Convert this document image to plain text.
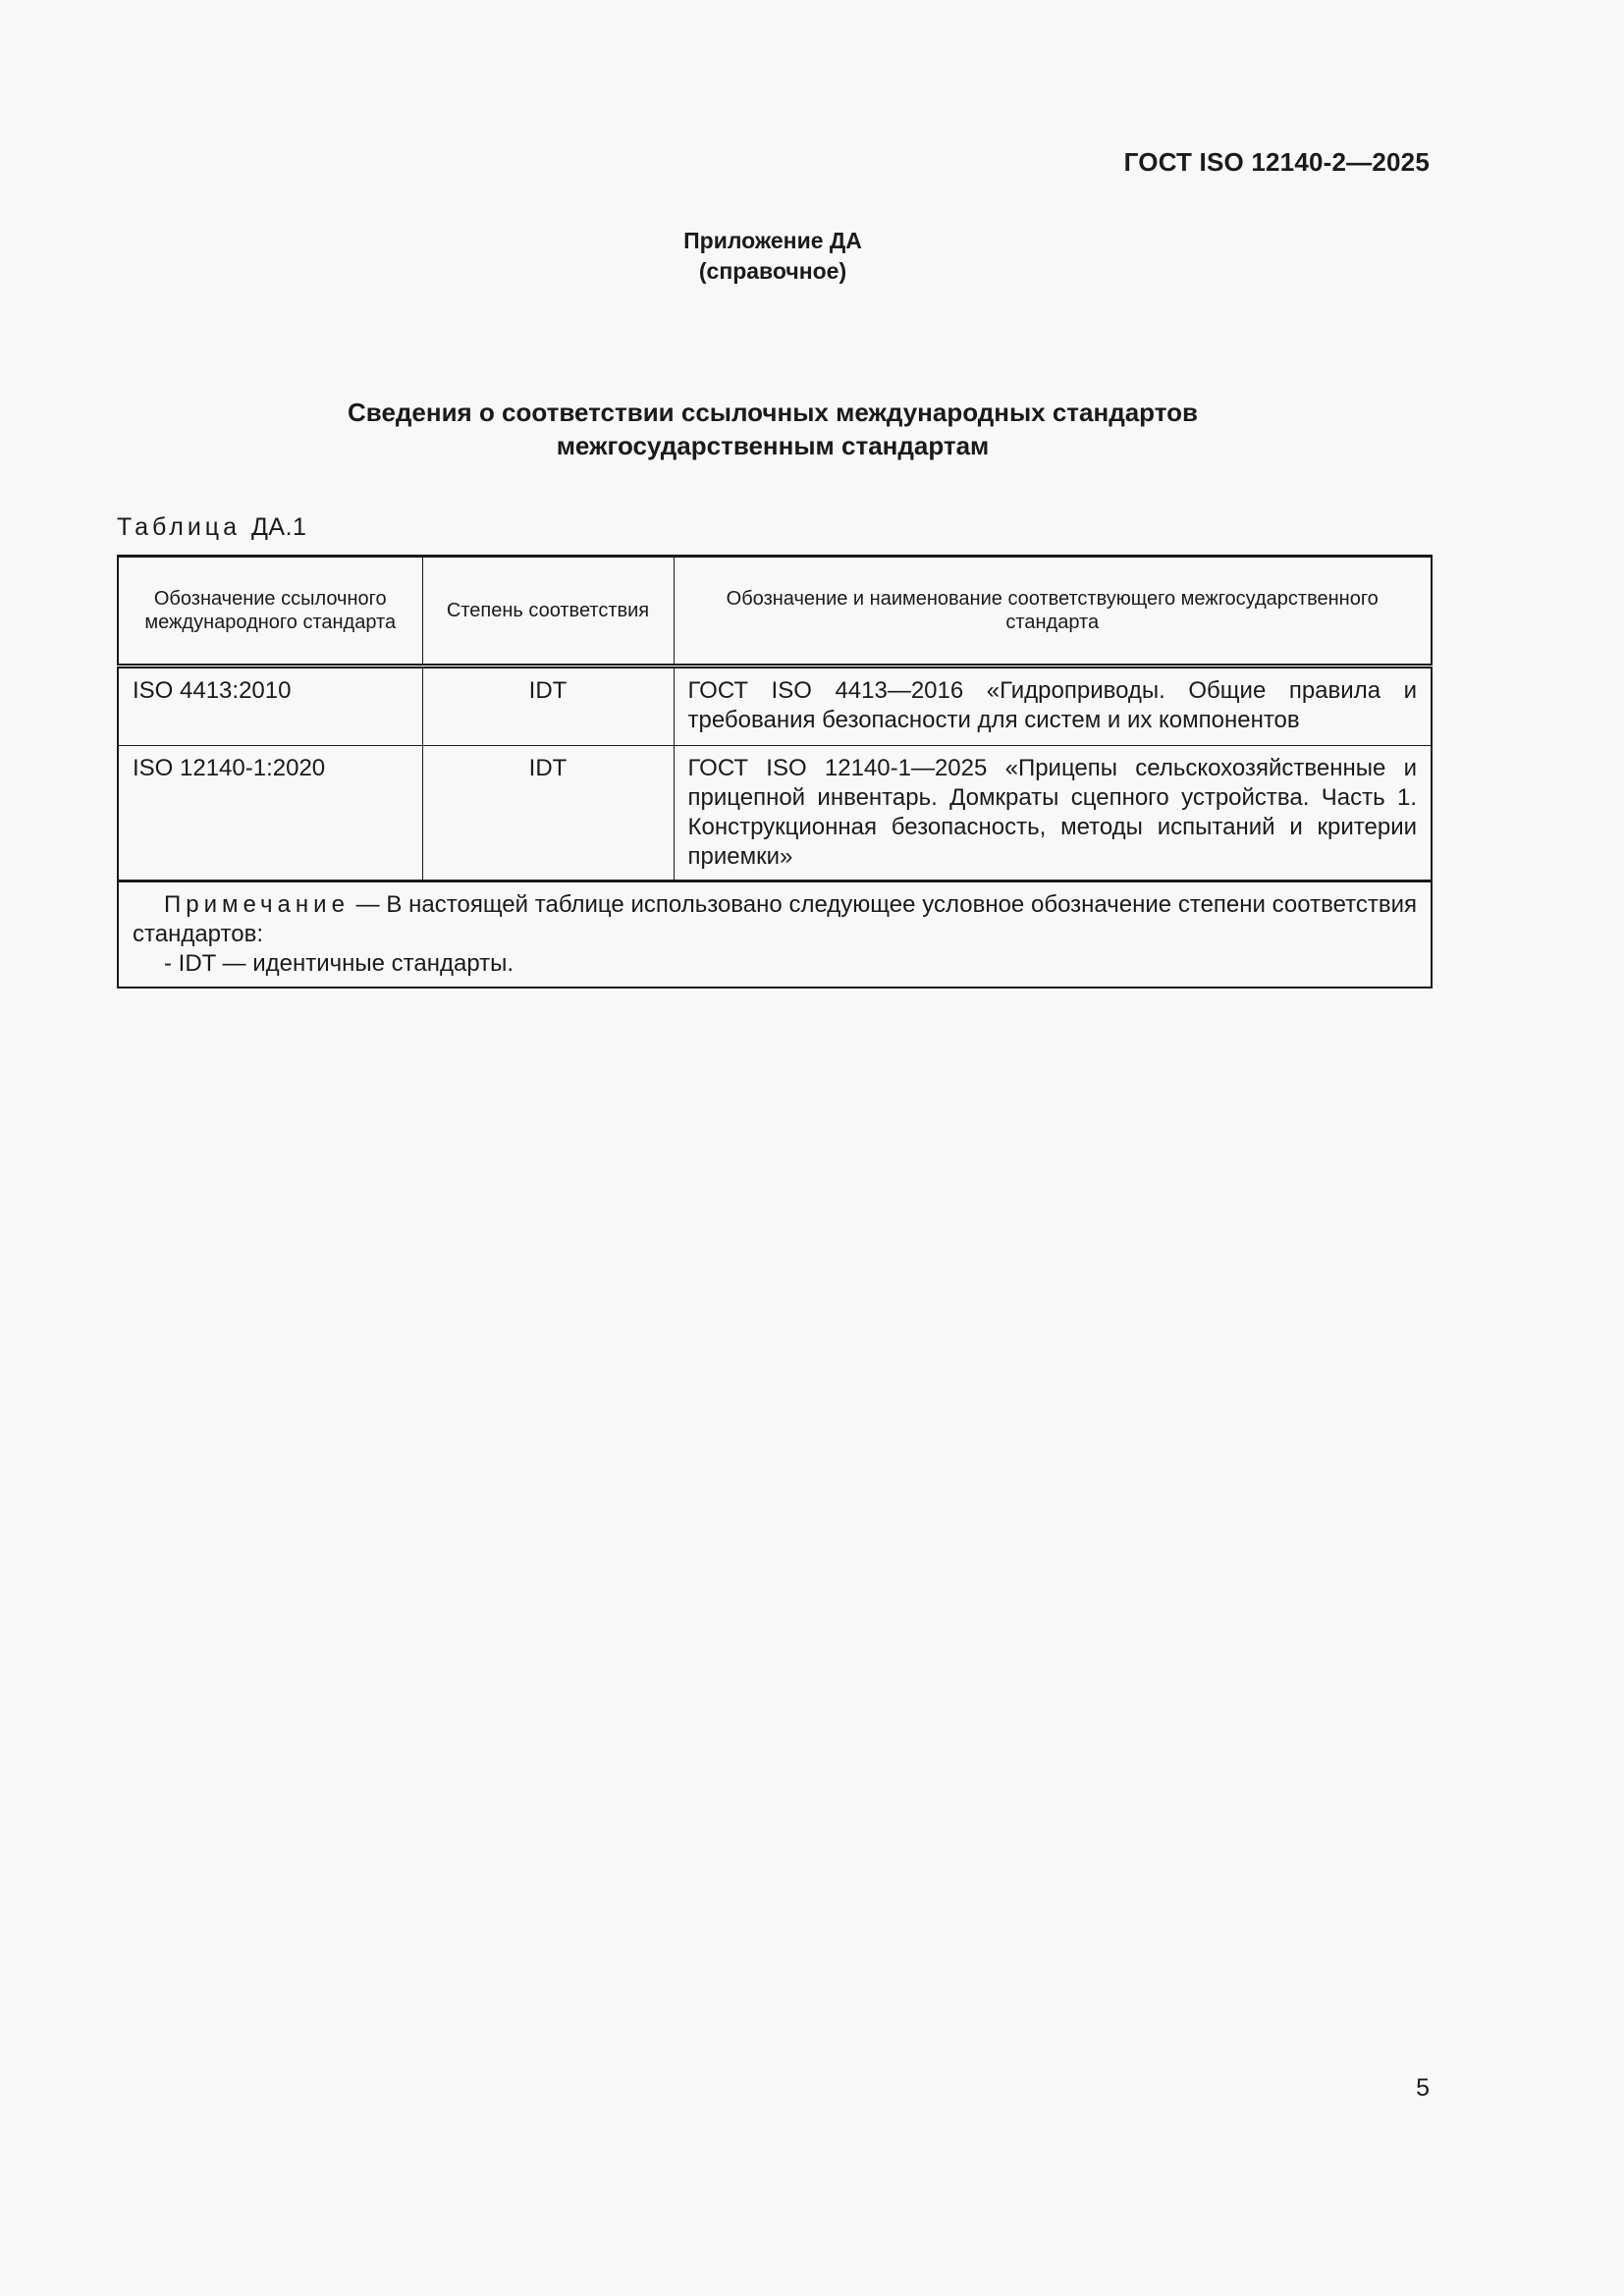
ГОСТ ISO 12140-2—2025
Приложение ДА
(справочное)
Сведения о соответствии ссылочных международных стандартов
межгосударственным стандартам
Таблица ДА.1
Обозначение ссылочного международного стандарта	Степень соответствия	Обозначение и наименование соответствующего межгосударственного стандарта
ISO 4413:2010	IDT	ГОСТ ISO 4413—2016 «Гидроприводы. Общие правила и требования безопасности для систем и их компонентов
ISO 12140-1:2020	IDT	ГОСТ ISO 12140-1—2025 «Прицепы сельскохозяйственные и прицепной инвентарь. Домкраты сцепного устройства. Часть 1. Конструкционная безопасность, методы испытаний и критерии приемки»
Примечание — В настоящей таблице использовано следующее условное обозначение степени соответствия стандартов:
- IDT — идентичные стандарты.		
5
